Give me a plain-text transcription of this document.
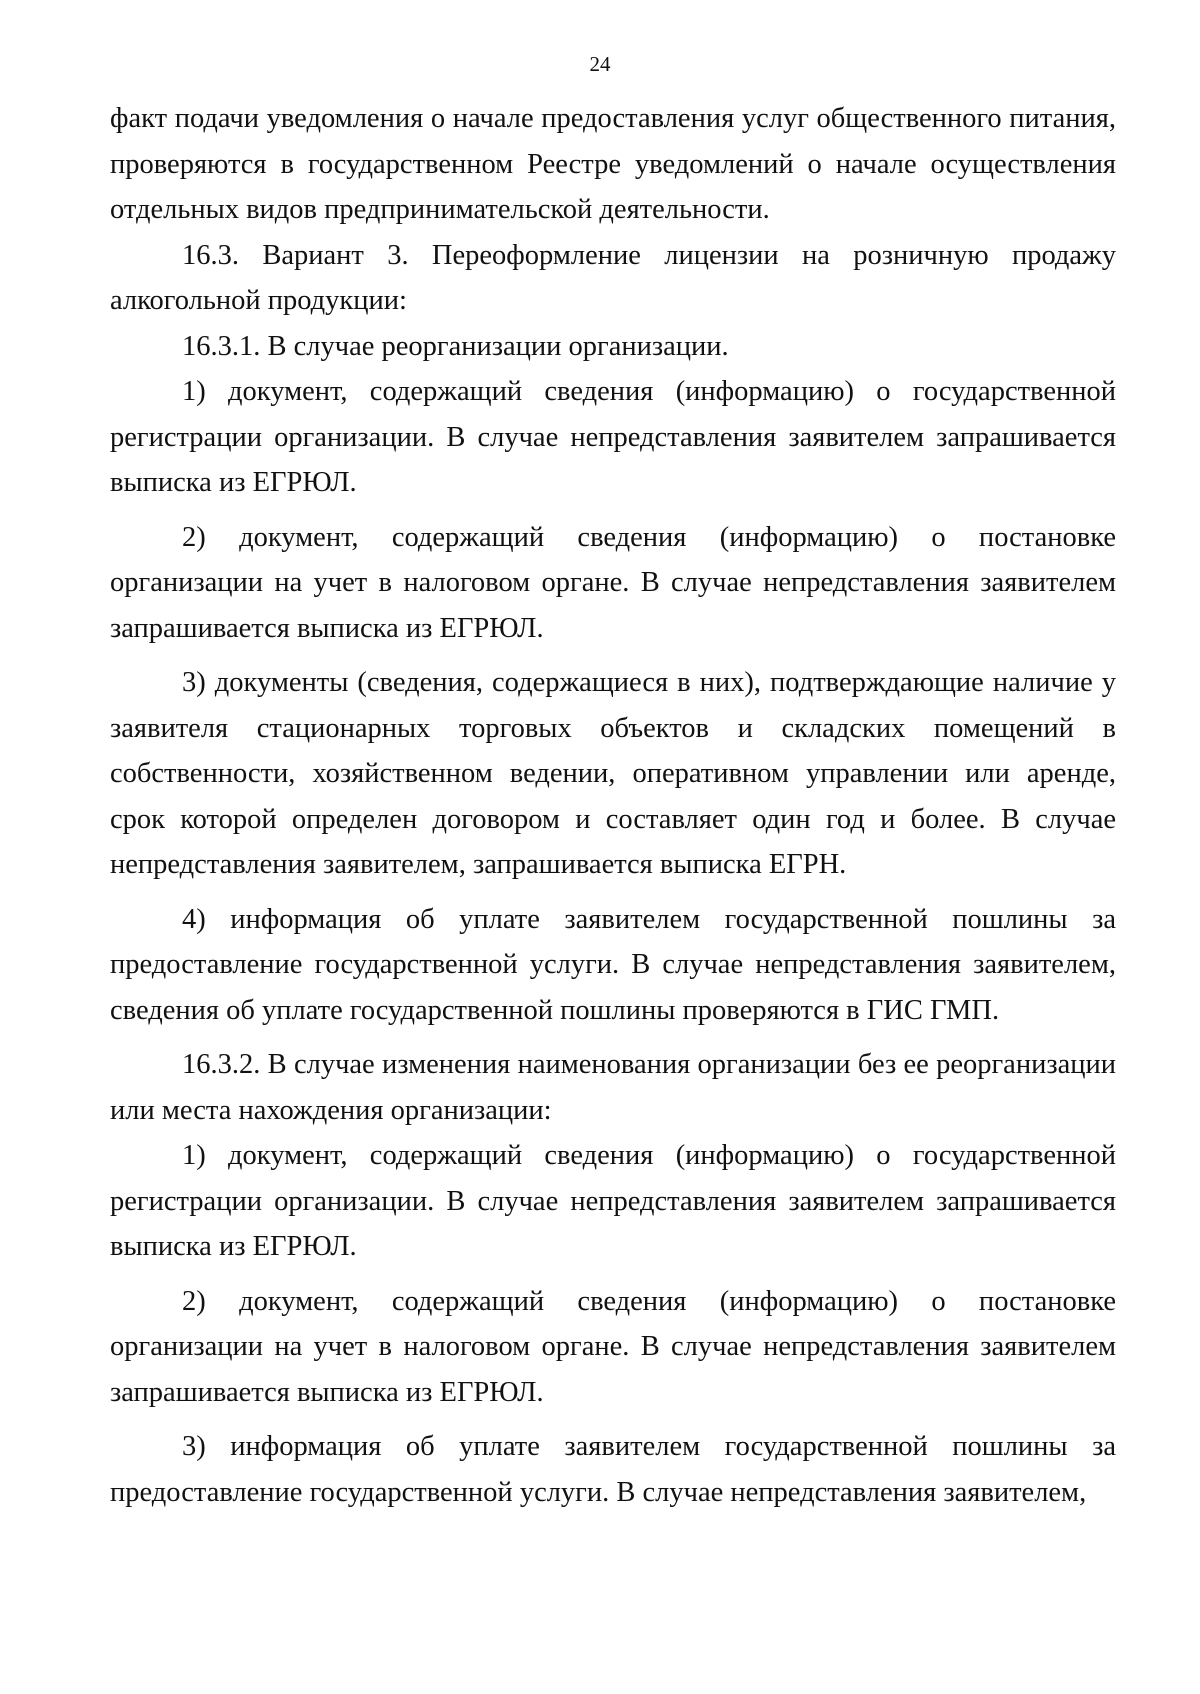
24

факт подачи уведомления о начале предоставления услуг общественного питания, проверяются в государственном Реестре уведомлений о начале осуществления отдельных видов предпринимательской деятельности.

16.3. Вариант 3. Переоформление лицензии на розничную продажу алкогольной продукции:

16.3.1. В случае реорганизации организации.

1) документ, содержащий сведения (информацию) о государственной регистрации организации. В случае непредставления заявителем запрашивается выписка из ЕГРЮЛ.

2) документ, содержащий сведения (информацию) о постановке организации на учет в налоговом органе. В случае непредставления заявителем запрашивается выписка из ЕГРЮЛ.

3) документы (сведения, содержащиеся в них), подтверждающие наличие у заявителя стационарных торговых объектов и складских помещений в собственности, хозяйственном ведении, оперативном управлении или аренде, срок которой определен договором и составляет один год и более. В случае непредставления заявителем, запрашивается выписка ЕГРН.

4) информация об уплате заявителем государственной пошлины за предоставление государственной услуги. В случае непредставления заявителем, сведения об уплате государственной пошлины проверяются в ГИС ГМП.

16.3.2. В случае изменения наименования организации без ее реорганизации или места нахождения организации:

1) документ, содержащий сведения (информацию) о государственной регистрации организации. В случае непредставления заявителем запрашивается выписка из ЕГРЮЛ.

2) документ, содержащий сведения (информацию) о постановке организации на учет в налоговом органе. В случае непредставления заявителем запрашивается выписка из ЕГРЮЛ.

3) информация об уплате заявителем государственной пошлины за предоставление государственной услуги. В случае непредставления заявителем,
